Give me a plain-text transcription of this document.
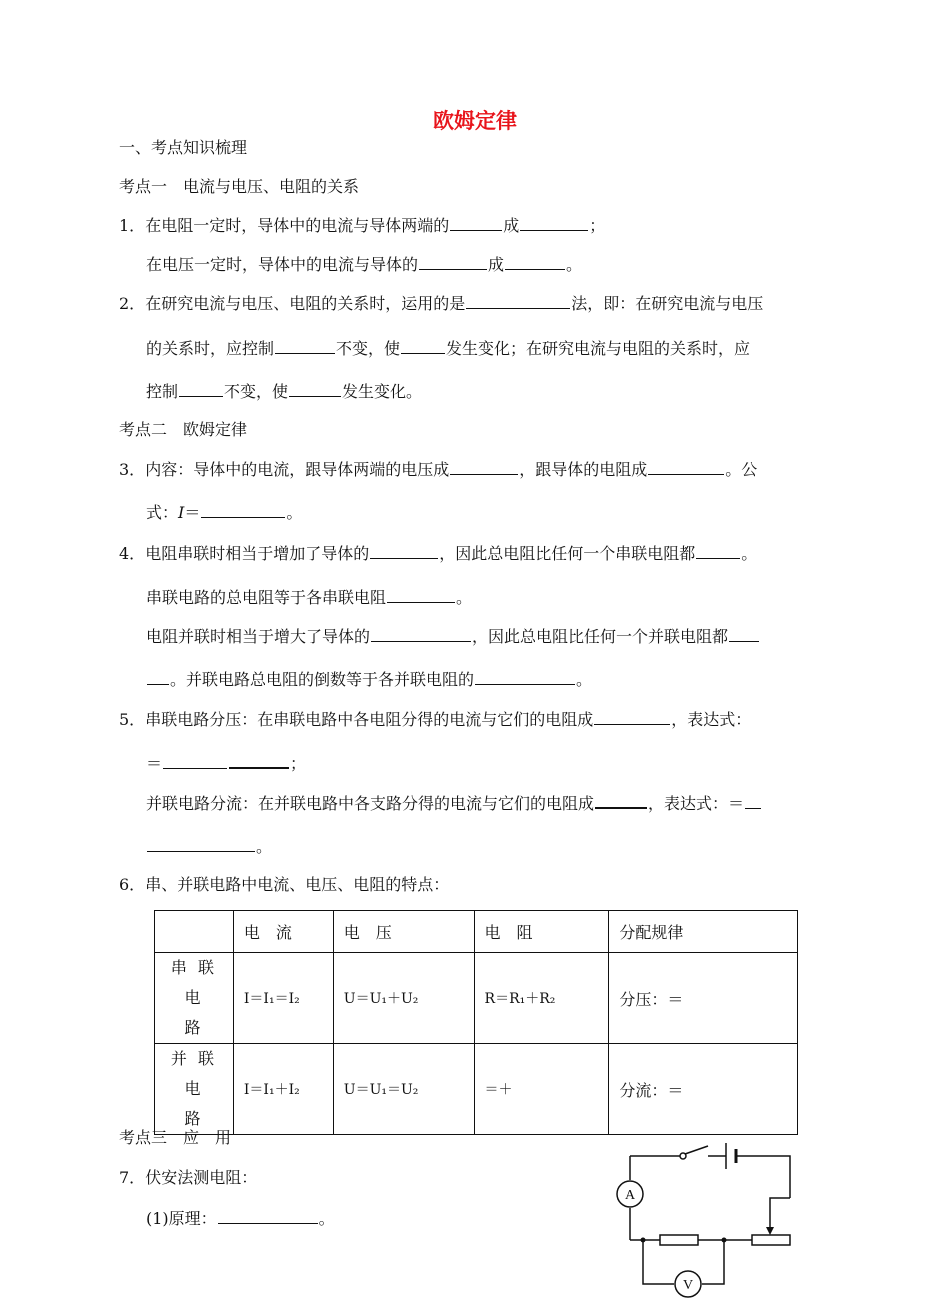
欧姆定律
一、考点知识梳理
考点一　电流与电压、电阻的关系
1．在电阻一定时，导体中的电流与导体两端的	成	；
在电压一定时，导体中的电流与导体的	成	。
2．在研究电流与电压、电阻的关系时，运用的是	法，即：在研究电流与电压
的关系时，应控制	不变，使	发生变化；在研究电流与电阻的关系时，应
控制	不变，使	发生变化。
考点二　欧姆定律
3．内容：导体中的电流，跟导体两端的电压成	，跟导体的电阻成	。公
式：I＝	。
4．电阻串联时相当于增加了导体的	，因此总电阻比任何一个串联电阻都	。
串联电路的总电阻等于各串联电阻	。
电阻并联时相当于增大了导体的	，因此总电阻比任何一个并联电阻都
。并联电路总电阻的倒数等于各并联电阻的	。
5．串联电路分压：在串联电路中各电阻分得的电流与它们的电阻成	，表达式：
＝	；
并联电路分流：在并联电路中各支路分得的电流与它们的电阻成	，表达式：＝
。
6．串、并联电路中电流、电压、电阻的特点：
	电　流	电　压	电　阻	分配规律

串 联 电
路	I＝I₁＝I₂	U＝U₁＋U₂	R＝R₁＋R₂	分压：＝

并 联 电
路	I＝I₁＋I₂	U＝U₁＝U₂	＝＋	分流：＝
考点三　应　用
7．伏安法测电阻：
(1)原理：	。
A
V
